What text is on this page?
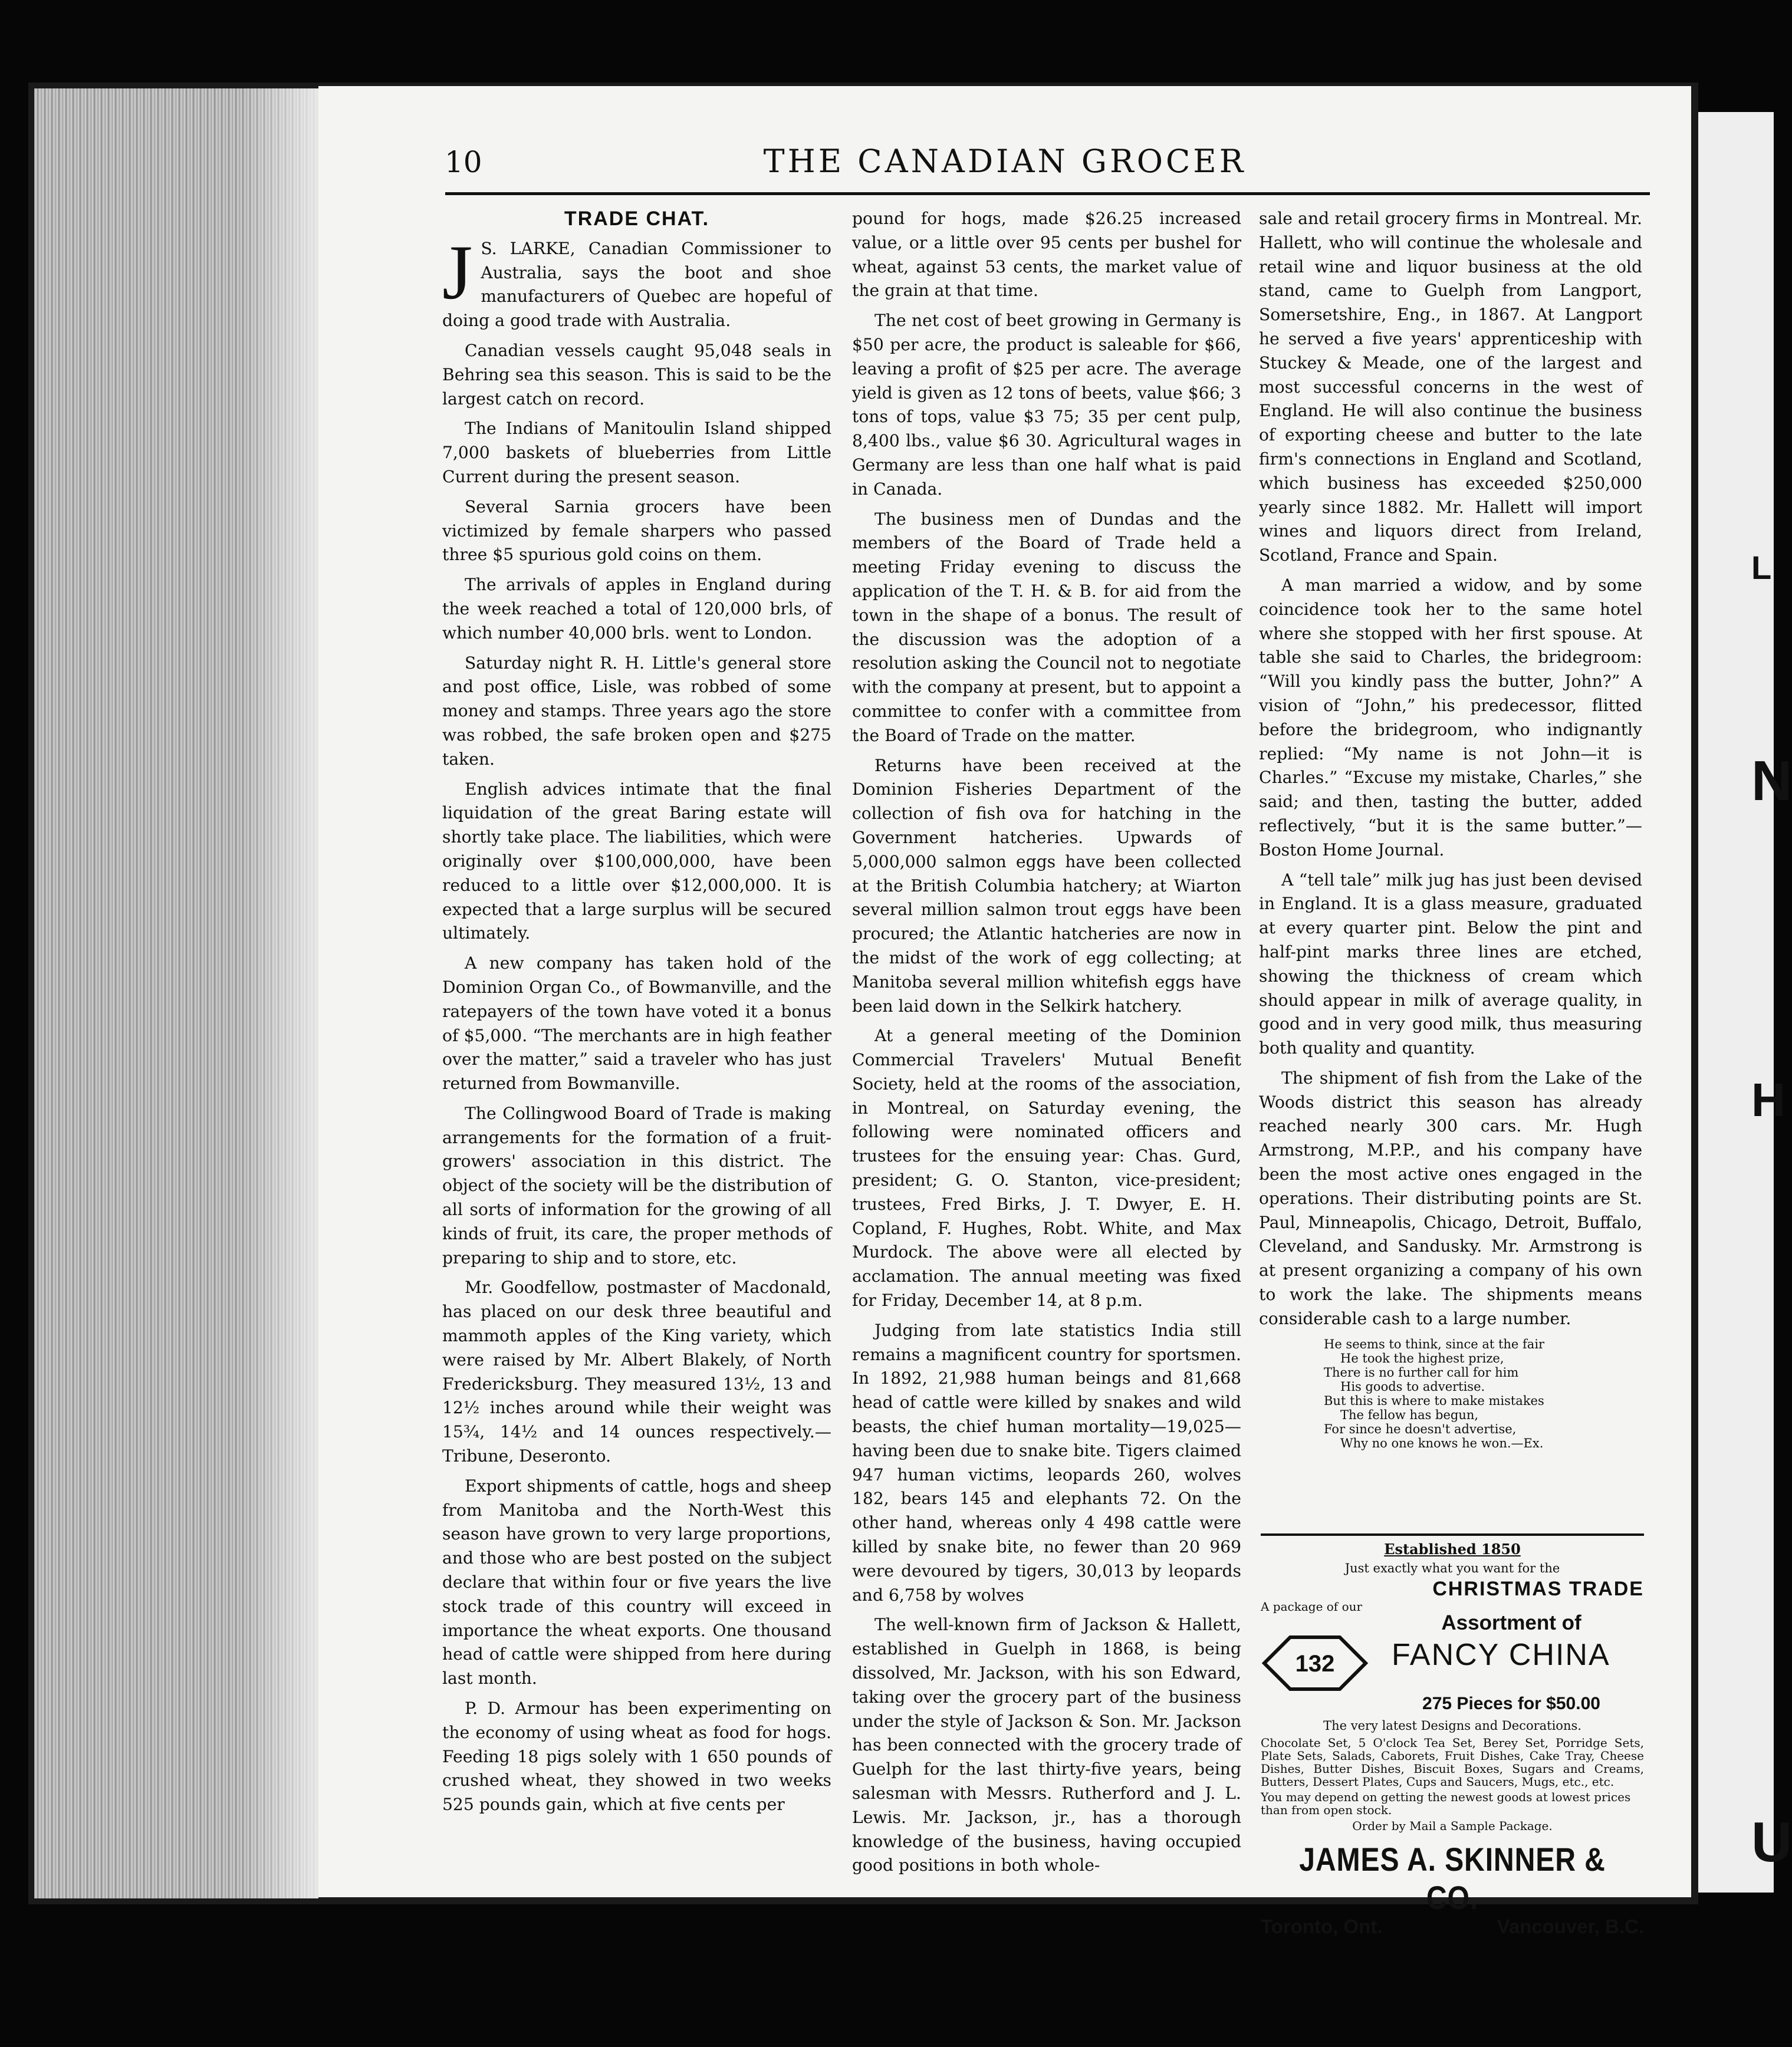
L
N
H
U
10	THE CANADIAN GROCER
TRADE CHAT.

J S. LARKE, Canadian Commissioner to Australia, says the boot and shoe manufacturers of Quebec are hopeful of doing a good trade with Australia.

Canadian vessels caught 95,048 seals in Behring sea this season. This is said to be the largest catch on record.

The Indians of Manitoulin Island shipped 7,000 baskets of blueberries from Little Current during the present season.

Several Sarnia grocers have been victimized by female sharpers who passed three $5 spurious gold coins on them.

The arrivals of apples in England during the week reached a total of 120,000 brls, of which number 40,000 brls. went to London.

Saturday night R. H. Little's general store and post office, Lisle, was robbed of some money and stamps. Three years ago the store was robbed, the safe broken open and $275 taken.

English advices intimate that the final liquidation of the great Baring estate will shortly take place. The liabilities, which were originally over $100,000,000, have been reduced to a little over $12,000,000. It is expected that a large surplus will be secured ultimately.

A new company has taken hold of the Dominion Organ Co., of Bowmanville, and the ratepayers of the town have voted it a bonus of $5,000. “The merchants are in high feather over the matter,” said a traveler who has just returned from Bowmanville.

The Collingwood Board of Trade is making arrangements for the formation of a fruit-growers' association in this district. The object of the society will be the distribution of all sorts of information for the growing of all kinds of fruit, its care, the proper methods of preparing to ship and to store, etc.

Mr. Goodfellow, postmaster of Macdonald, has placed on our desk three beautiful and mammoth apples of the King variety, which were raised by Mr. Albert Blakely, of North Fredericksburg. They measured 13½, 13 and 12½ inches around while their weight was 15¾, 14½ and 14 ounces respectively.—Tribune, Deseronto.

Export shipments of cattle, hogs and sheep from Manitoba and the North-West this season have grown to very large proportions, and those who are best posted on the subject declare that within four or five years the live stock trade of this country will exceed in importance the wheat exports. One thousand head of cattle were shipped from here during last month.

P. D. Armour has been experimenting on the economy of using wheat as food for hogs. Feeding 18 pigs solely with 1 650 pounds of crushed wheat, they showed in two weeks 525 pounds gain, which at five cents per

pound for hogs, made $26.25 increased value, or a little over 95 cents per bushel for wheat, against 53 cents, the market value of the grain at that time.

The net cost of beet growing in Germany is $50 per acre, the product is saleable for $66, leaving a profit of $25 per acre. The average yield is given as 12 tons of beets, value $66; 3 tons of tops, value $3 75; 35 per cent pulp, 8,400 lbs., value $6 30. Agricultural wages in Germany are less than one half what is paid in Canada.

The business men of Dundas and the members of the Board of Trade held a meeting Friday evening to discuss the application of the T. H. & B. for aid from the town in the shape of a bonus. The result of the discussion was the adoption of a resolution asking the Council not to negotiate with the company at present, but to appoint a committee to confer with a committee from the Board of Trade on the matter.

Returns have been received at the Dominion Fisheries Department of the collection of fish ova for hatching in the Government hatcheries. Upwards of 5,000,000 salmon eggs have been collected at the British Columbia hatchery; at Wiarton several million salmon trout eggs have been procured; the Atlantic hatcheries are now in the midst of the work of egg collecting; at Manitoba several million whitefish eggs have been laid down in the Selkirk hatchery.

At a general meeting of the Dominion Commercial Travelers' Mutual Benefit Society, held at the rooms of the association, in Montreal, on Saturday evening, the following were nominated officers and trustees for the ensuing year: Chas. Gurd, president; G. O. Stanton, vice-president; trustees, Fred Birks, J. T. Dwyer, E. H. Copland, F. Hughes, Robt. White, and Max Murdock. The above were all elected by acclamation. The annual meeting was fixed for Friday, December 14, at 8 p.m.

Judging from late statistics India still remains a magnificent country for sportsmen. In 1892, 21,988 human beings and 81,668 head of cattle were killed by snakes and wild beasts, the chief human mortality—19,025—having been due to snake bite. Tigers claimed 947 human victims, leopards 260, wolves 182, bears 145 and elephants 72. On the other hand, whereas only 4 498 cattle were killed by snake bite, no fewer than 20 969 were devoured by tigers, 30,013 by leopards and 6,758 by wolves

The well-known firm of Jackson & Hallett, established in Guelph in 1868, is being dissolved, Mr. Jackson, with his son Edward, taking over the grocery part of the business under the style of Jackson & Son. Mr. Jackson has been connected with the grocery trade of Guelph for the last thirty-five years, being salesman with Messrs. Rutherford and J. L. Lewis. Mr. Jackson, jr., has a thorough knowledge of the business, having occupied good positions in both whole-

sale and retail grocery firms in Montreal. Mr. Hallett, who will continue the wholesale and retail wine and liquor business at the old stand, came to Guelph from Langport, Somersetshire, Eng., in 1867. At Langport he served a five years' apprenticeship with Stuckey & Meade, one of the largest and most successful concerns in the west of England. He will also continue the business of exporting cheese and butter to the late firm's connections in England and Scotland, which business has exceeded $250,000 yearly since 1882. Mr. Hallett will import wines and liquors direct from Ireland, Scotland, France and Spain.

A man married a widow, and by some coincidence took her to the same hotel where she stopped with her first spouse. At table she said to Charles, the bridegroom: “Will you kindly pass the butter, John?” A vision of “John,” his predecessor, flitted before the bridegroom, who indignantly replied: “My name is not John—it is Charles.” “Excuse my mistake, Charles,” she said; and then, tasting the butter, added reflectively, “but it is the same butter.”—Boston Home Journal.

A “tell tale” milk jug has just been devised in England. It is a glass measure, graduated at every quarter pint. Below the pint and half-pint marks three lines are etched, showing the thickness of cream which should appear in milk of average quality, in good and in very good milk, thus measuring both quality and quantity.

The shipment of fish from the Lake of the Woods district this season has already reached nearly 300 cars. Mr. Hugh Armstrong, M.P.P., and his company have been the most active ones engaged in the operations. Their distributing points are St. Paul, Minneapolis, Chicago, Detroit, Buffalo, Cleveland, and Sandusky. Mr. Armstrong is at present organizing a company of his own to work the lake. The shipments means considerable cash to a large number.

He seems to think, since at the fair
He took the highest prize,
There is no further call for him
His goods to advertise.
But this is where to make mistakes
The fellow has begun,
For since he doesn't advertise,
Why no one knows he won.—Ex.
Established 1850
Just exactly what you want for the
CHRISTMAS TRADE
A package of our
Assortment of
132 FANCY CHINA
275 Pieces for $50.00
The very latest Designs and Decorations.
Chocolate Set, 5 O'clock Tea Set, Berey Set, Porridge Sets, Plate Sets, Salads, Caborets, Fruit Dishes, Cake Tray, Cheese Dishes, Butter Dishes, Biscuit Boxes, Sugars and Creams, Butters, Dessert Plates, Cups and Saucers, Mugs, etc., etc.
You may depend on getting the newest goods at lowest prices than from open stock.
Order by Mail a Sample Package.
JAMES A. SKINNER & CO.
Toronto, Ont.	Vancouver, B.C.
